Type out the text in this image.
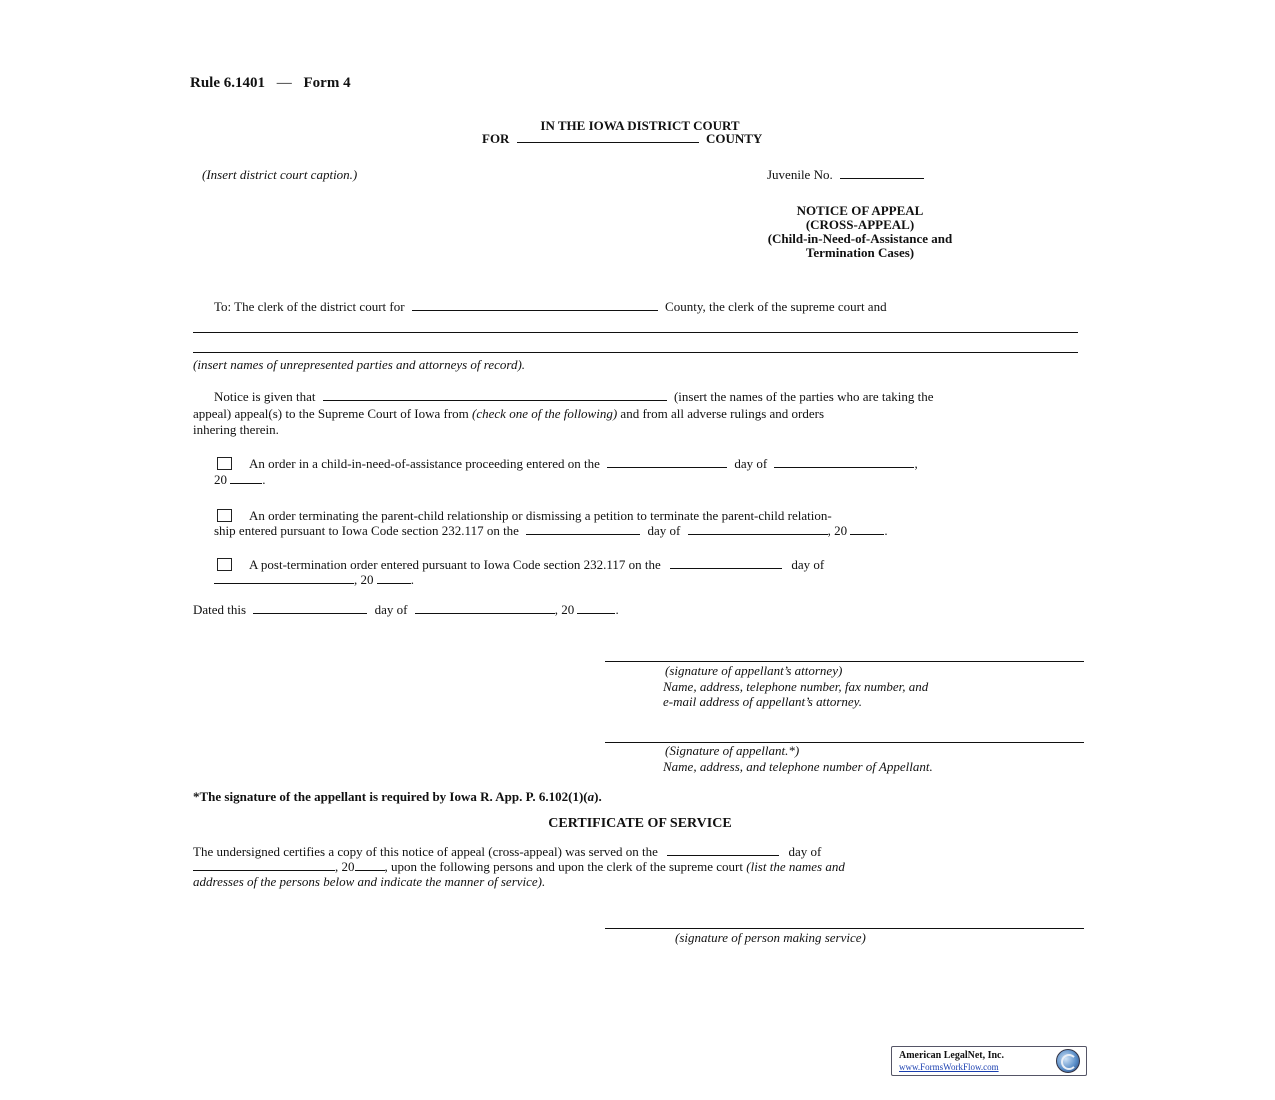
Rule 6.1401 — Form 4
IN THE IOWA DISTRICT COURT
FOR	COUNTY
(Insert district court caption.)	Juvenile No.
NOTICE OF APPEAL
(CROSS-APPEAL)
(Child-in-Need-of-Assistance and
Termination Cases)
To: The clerk of the district court for	County, the clerk of the supreme court and
(insert names of unrepresented parties and attorneys of record).
Notice is given that	(insert the names of the parties who are taking the
appeal) appeal(s) to the Supreme Court of Iowa from (check one of the following) and from all adverse rulings and orders
inhering therein.
An order in a child-in-need-of-assistance proceeding entered on the	day of	,
20	.
An order terminating the parent-child relationship or dismissing a petition to terminate the parent-child relation-
ship entered pursuant to Iowa Code section 232.117 on the	day of	, 20	.
A post-termination order entered pursuant to Iowa Code section 232.117 on the	day of
, 20	.
Dated this	day of	, 20	.
(signature of appellant’s attorney)
Name, address, telephone number, fax number, and
e-mail address of appellant’s attorney.
(Signature of appellant.*)
Name, address, and telephone number of Appellant.
*The signature of the appellant is required by Iowa R. App. P. 6.102(1)(a).
CERTIFICATE OF SERVICE
The undersigned certifies a copy of this notice of appeal (cross-appeal) was served on the	day of
, 20 , upon the following persons and upon the clerk of the supreme court (list the names and
addresses of the persons below and indicate the manner of service).
(signature of person making service)
American LegalNet, Inc.
www.FormsWorkFlow.com
